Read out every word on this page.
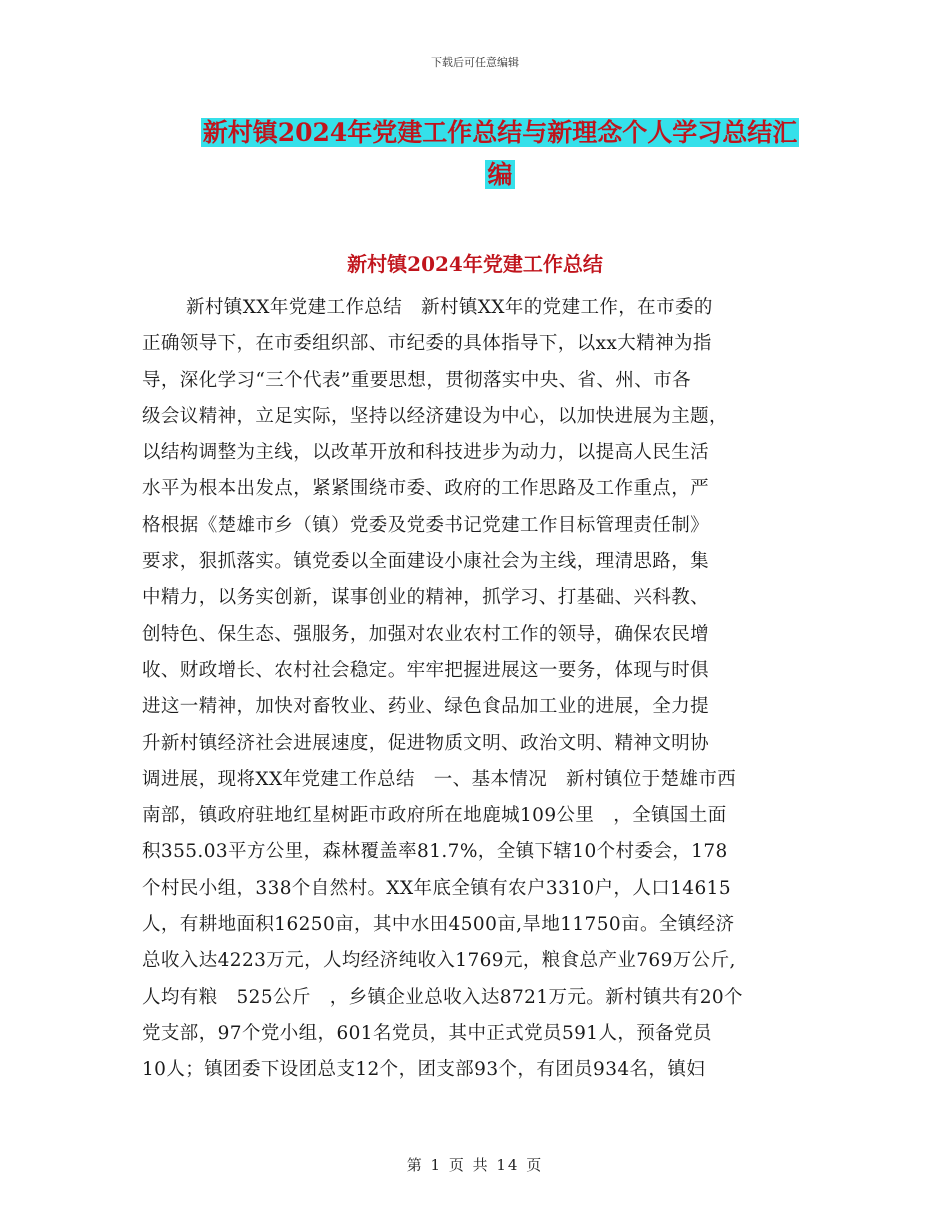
下载后可任意编辑
新村镇2024年党建工作总结与新理念个人学习总结汇
编
新村镇2024年党建工作总结
新村镇XX年党建工作总结　新村镇XX年的党建工作，在市委的
正确领导下，在市委组织部、市纪委的具体指导下，以xx大精神为指
导，深化学习“三个代表”重要思想，贯彻落实中央、省、州、市各
级会议精神，立足实际，坚持以经济建设为中心，以加快进展为主题，
以结构调整为主线，以改革开放和科技进步为动力，以提高人民生活
水平为根本出发点，紧紧围绕市委、政府的工作思路及工作重点，严
格根据《楚雄市乡（镇）党委及党委书记党建工作目标管理责任制》
要求，狠抓落实。镇党委以全面建设小康社会为主线，理清思路，集
中精力，以务实创新，谋事创业的精神，抓学习、打基础、兴科教、
创特色、保生态、强服务，加强对农业农村工作的领导，确保农民增
收、财政增长、农村社会稳定。牢牢把握进展这一要务，体现与时俱
进这一精神，加快对畜牧业、药业、绿色食品加工业的进展，全力提
升新村镇经济社会进展速度，促进物质文明、政治文明、精神文明协
调进展，现将XX年党建工作总结　一、基本情况　新村镇位于楚雄市西
南部，镇政府驻地红星树距市政府所在地鹿城109公里　，全镇国土面
积355.03平方公里，森林覆盖率81.7%，全镇下辖10个村委会，178
个村民小组，338个自然村。XX年底全镇有农户3310户，人口14615
人，有耕地面积16250亩，其中水田4500亩,旱地11750亩。全镇经济
总收入达4223万元，人均经济纯收入1769元，粮食总产业769万公斤,
人均有粮　525公斤　，乡镇企业总收入达8721万元。新村镇共有20个
党支部，97个党小组，601名党员，其中正式党员591人，预备党员
10人；镇团委下设团总支12个，团支部93个，有团员934名，镇妇
第 1 页 共 14 页
